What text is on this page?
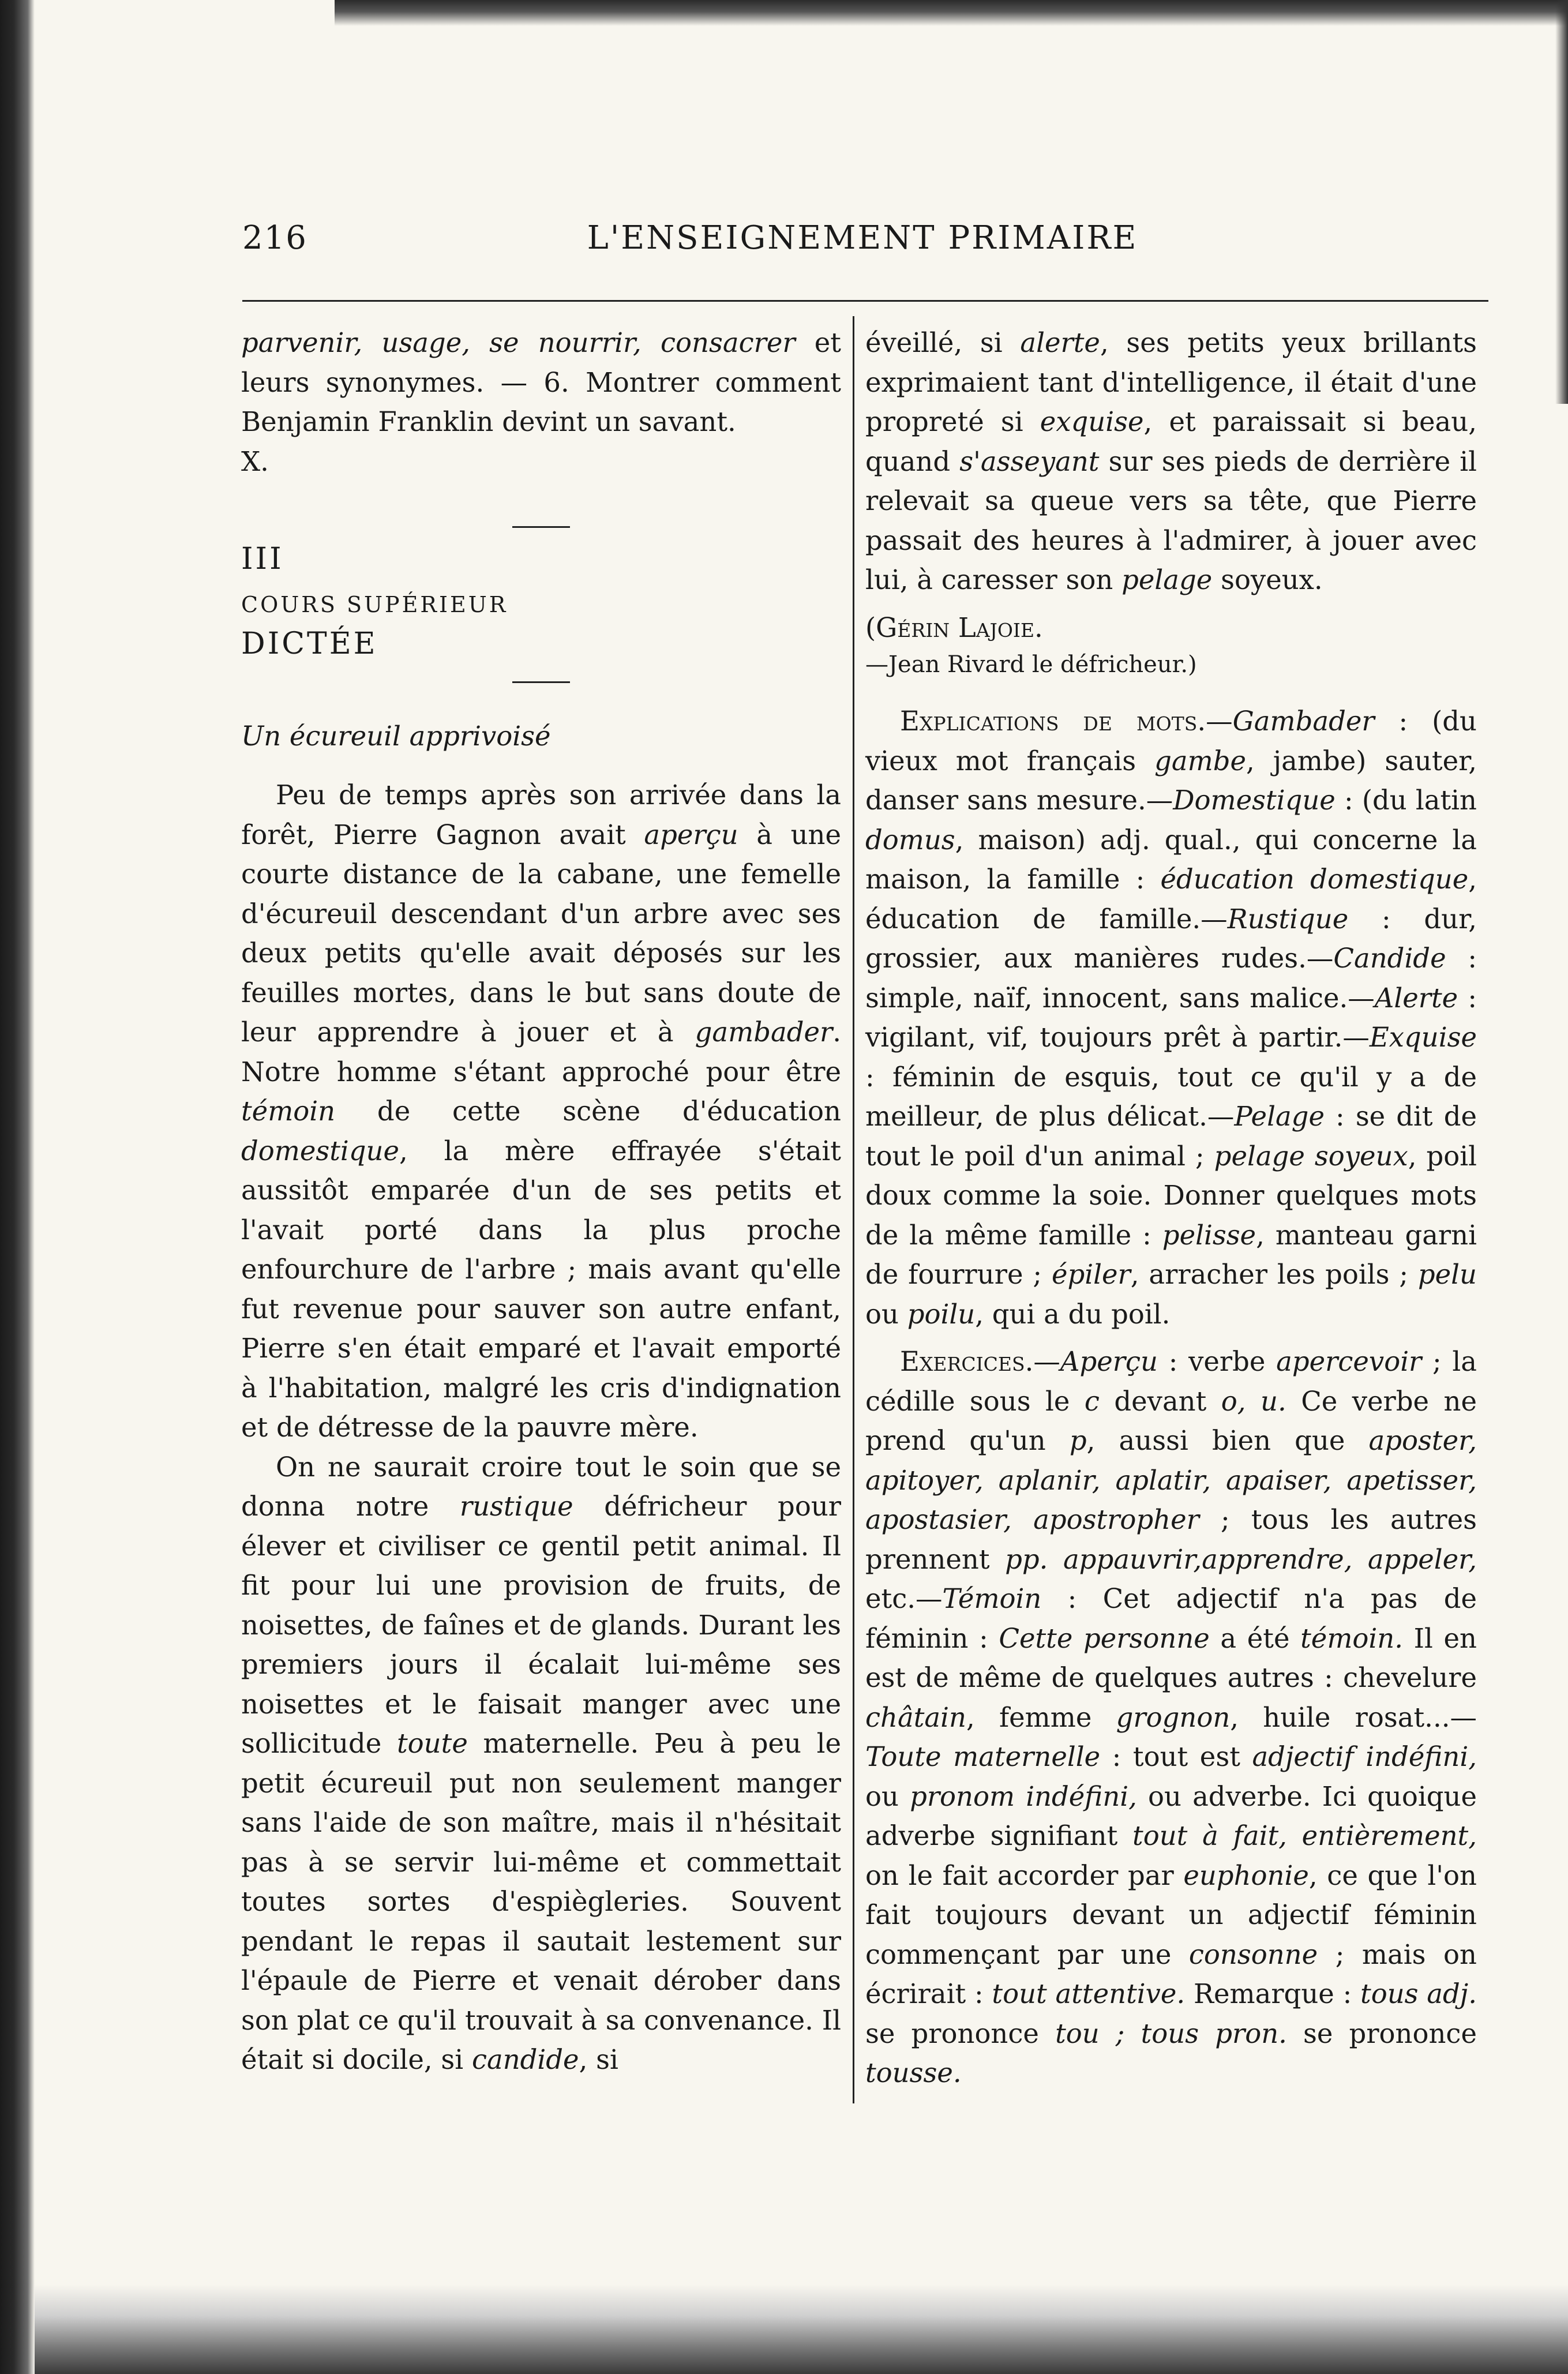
216	L'ENSEIGNEMENT PRIMAIRE

parvenir, usage, se nourrir, consacrer et leurs synonymes. — 6. Montrer comment Benjamin Franklin devint un savant.

X.

III

COURS SUPÉRIEUR

DICTÉE

Un écureuil apprivoisé

Peu de temps après son arrivée dans la forêt, Pierre Gagnon avait aperçu à une courte distance de la cabane, une femelle d'écureuil descendant d'un arbre avec ses deux petits qu'elle avait déposés sur les feuilles mortes, dans le but sans doute de leur apprendre à jouer et à gambader. Notre homme s'étant approché pour être témoin de cette scène d'éducation domestique, la mère effrayée s'était aussitôt emparée d'un de ses petits et l'avait porté dans la plus proche enfourchure de l'arbre ; mais avant qu'elle fut revenue pour sauver son autre enfant, Pierre s'en était emparé et l'avait emporté à l'habitation, malgré les cris d'indignation et de détresse de la pauvre mère.

On ne saurait croire tout le soin que se donna notre rustique défricheur pour élever et civiliser ce gentil petit animal. Il fit pour lui une provision de fruits, de noisettes, de faînes et de glands. Durant les premiers jours il écalait lui-même ses noisettes et le faisait manger avec une sollicitude toute maternelle. Peu à peu le petit écureuil put non seulement manger sans l'aide de son maître, mais il n'hésitait pas à se servir lui-même et commettait toutes sortes d'espiègleries. Souvent pendant le repas il sautait lestement sur l'épaule de Pierre et venait dérober dans son plat ce qu'il trouvait à sa convenance. Il était si docile, si candide, si

éveillé, si alerte, ses petits yeux brillants exprimaient tant d'intelligence, il était d'une propreté si exquise, et paraissait si beau, quand s'asseyant sur ses pieds de derrière il relevait sa queue vers sa tête, que Pierre passait des heures à l'admirer, à jouer avec lui, à caresser son pelage soyeux.

(Gérin Lajoie.

—Jean Rivard le défricheur.)

Explications de mots.—Gambader : (du vieux mot français gambe, jambe) sauter, danser sans mesure.—Domestique : (du latin domus, maison) adj. qual., qui concerne la maison, la famille : éducation domestique, éducation de famille.—Rustique : dur, grossier, aux manières rudes.—Candide : simple, naïf, innocent, sans malice.—Alerte : vigilant, vif, toujours prêt à partir.—Exquise : féminin de esquis, tout ce qu'il y a de meilleur, de plus délicat.—Pelage : se dit de tout le poil d'un animal ; pelage soyeux, poil doux comme la soie. Donner quelques mots de la même famille : pelisse, manteau garni de fourrure ; épiler, arracher les poils ; pelu ou poilu, qui a du poil.

Exercices.—Aperçu : verbe apercevoir ; la cédille sous le c devant o, u. Ce verbe ne prend qu'un p, aussi bien que aposter, apitoyer, aplanir, aplatir, apaiser, apetisser, apostasier, apostropher ; tous les autres prennent pp. appauvrir,apprendre, appeler, etc.—Témoin : Cet adjectif n'a pas de féminin : Cette personne a été témoin. Il en est de même de quelques autres : chevelure châtain, femme grognon, huile rosat...— Toute maternelle : tout est adjectif indéfini, ou pronom indéfini, ou adverbe. Ici quoique adverbe signifiant tout à fait, entièrement, on le fait accorder par euphonie, ce que l'on fait toujours devant un adjectif féminin commençant par une consonne ; mais on écrirait : tout attentive. Remarque : tous adj. se prononce tou ; tous pron. se prononce tousse.
